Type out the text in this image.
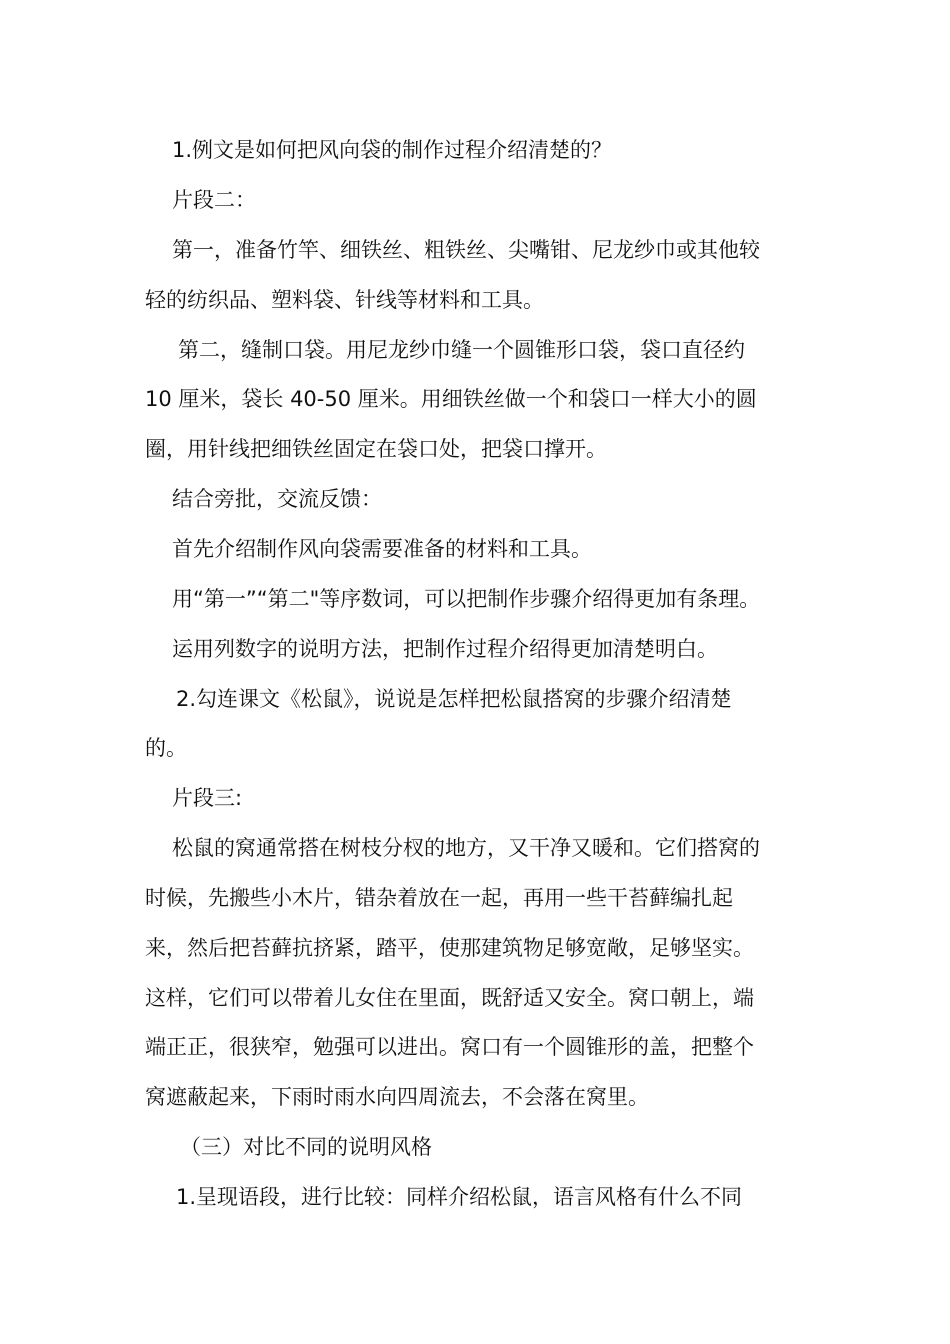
1.例文是如何把风向袋的制作过程介绍清楚的？
片段二：
第一，准备竹竿、细铁丝、粗铁丝、尖嘴钳、尼龙纱巾或其他较
轻的纺织品、塑料袋、针线等材料和工具。
第二，缝制口袋。用尼龙纱巾缝一个圆锥形口袋，袋口直径约
10 厘米，袋长 40-50 厘米。用细铁丝做一个和袋口一样大小的圆
圈，用针线把细铁丝固定在袋口处，把袋口撑开。
结合旁批，交流反馈：
首先介绍制作风向袋需要准备的材料和工具。
用“第一”“第二"等序数词，可以把制作步骤介绍得更加有条理。
运用列数字的说明方法，把制作过程介绍得更加清楚明白。
2.勾连课文《松鼠》，说说是怎样把松鼠搭窝的步骤介绍清楚
的。
片段三:
松鼠的窝通常搭在树枝分杈的地方，又干净又暖和。它们搭窝的
时候，先搬些小木片，错杂着放在一起，再用一些干苔藓编扎起
来，然后把苔藓抗挤紧，踏平，使那建筑物足够宽敞，足够坚实。
这样，它们可以带着儿女住在里面，既舒适又安全。窝口朝上，端
端正正，很狭窄，勉强可以进出。窝口有一个圆锥形的盖，把整个
窝遮蔽起来，下雨时雨水向四周流去，不会落在窝里。
（三）对比不同的说明风格
1.呈现语段，进行比较：同样介绍松鼠，语言风格有什么不同
